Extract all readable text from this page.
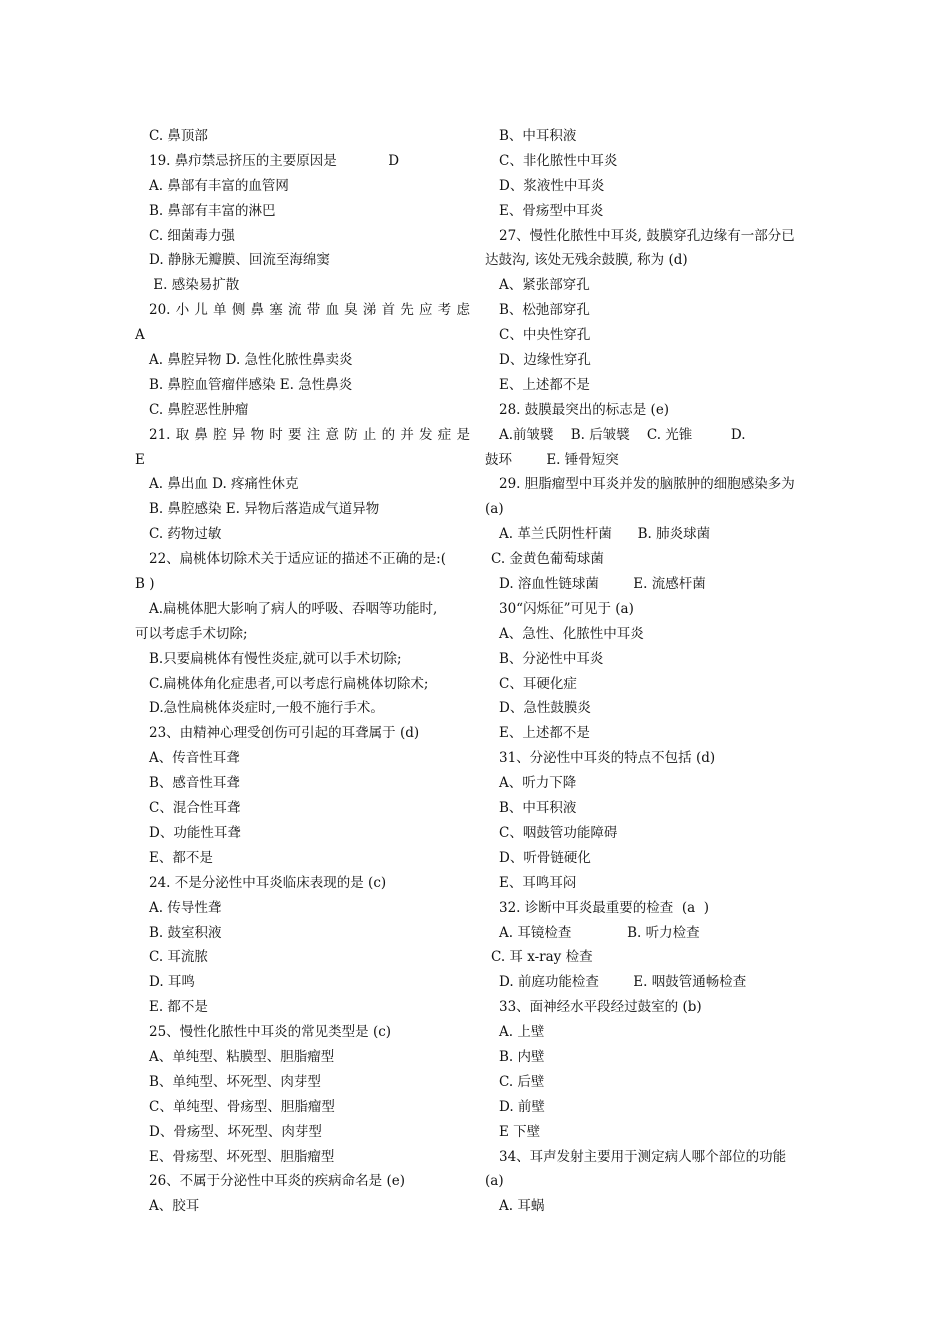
C. 鼻顶部
19. 鼻疖禁忌挤压的主要原因是            D
A. 鼻部有丰富的血管网
B. 鼻部有丰富的淋巴
C. 细菌毒力强
D. 静脉无瓣膜、回流至海绵窦
E. 感染易扩散
20. 小 儿 单 侧 鼻 塞 流 带 血 臭 涕 首 先 应 考 虑
A
A. 鼻腔异物 D. 急性化脓性鼻卖炎
B. 鼻腔血管瘤伴感染 E. 急性鼻炎
C. 鼻腔恶性肿瘤
21. 取 鼻 腔 异 物 时 要 注 意 防 止 的 并 发 症 是
E
A. 鼻出血 D. 疼痛性休克
B. 鼻腔感染 E. 异物后落造成气道异物
C. 药物过敏
22、扁桃体切除术关于适应证的描述不正确的是:(
B )
A.扁桃体肥大影响了病人的呼吸、吞咽等功能时,
可以考虑手术切除;
B.只要扁桃体有慢性炎症,就可以手术切除;
C.扁桃体角化症患者,可以考虑行扁桃体切除术;
D.急性扁桃体炎症时,一般不施行手术。
23、由精神心理受创伤可引起的耳聋属于 (d)
A、传音性耳聋
B、感音性耳聋
C、混合性耳聋
D、功能性耳聋
E、都不是
24. 不是分泌性中耳炎临床表现的是 (c)
A. 传导性聋
B. 鼓室积液
C. 耳流脓
D. 耳鸣
E. 都不是
25、慢性化脓性中耳炎的常见类型是 (c)
A、单纯型、粘膜型、胆脂瘤型
B、单纯型、坏死型、肉芽型
C、单纯型、骨疡型、胆脂瘤型
D、骨疡型、坏死型、肉芽型
E、骨疡型、坏死型、胆脂瘤型
26、不属于分泌性中耳炎的疾病命名是 (e)
A、胶耳
B、中耳积液
C、非化脓性中耳炎
D、浆液性中耳炎
E、骨疡型中耳炎
27、慢性化脓性中耳炎, 鼓膜穿孔边缘有一部分已
达鼓沟, 该处无残余鼓膜, 称为 (d)
A、紧张部穿孔
B、松弛部穿孔
C、中央性穿孔
D、边缘性穿孔
E、上述都不是
28. 鼓膜最突出的标志是 (e)
A.前皱襞    B. 后皱襞    C. 光锥         D.
鼓环        E. 锤骨短突
29. 胆脂瘤型中耳炎并发的脑脓肿的细胞感染多为
(a)
A. 革兰氏阴性杆菌      B. 肺炎球菌
C. 金黄色葡萄球菌
D. 溶血性链球菌        E. 流感杆菌
30“闪烁征”可见于 (a)
A、急性、化脓性中耳炎
B、分泌性中耳炎
C、耳硬化症
D、急性鼓膜炎
E、上述都不是
31、分泌性中耳炎的特点不包括 (d)
A、听力下降
B、中耳积液
C、咽鼓管功能障碍
D、听骨链硬化
E、耳鸣耳闷
32. 诊断中耳炎最重要的检查  (a  )
A. 耳镜检查             B. 听力检查
C. 耳 x-ray 检查
D. 前庭功能检查        E. 咽鼓管通畅检查
33、面神经水平段经过鼓室的 (b)
A. 上壁
B. 内壁
C. 后壁
D. 前壁
E 下壁
34、耳声发射主要用于测定病人哪个部位的功能
(a)
A. 耳蜗
